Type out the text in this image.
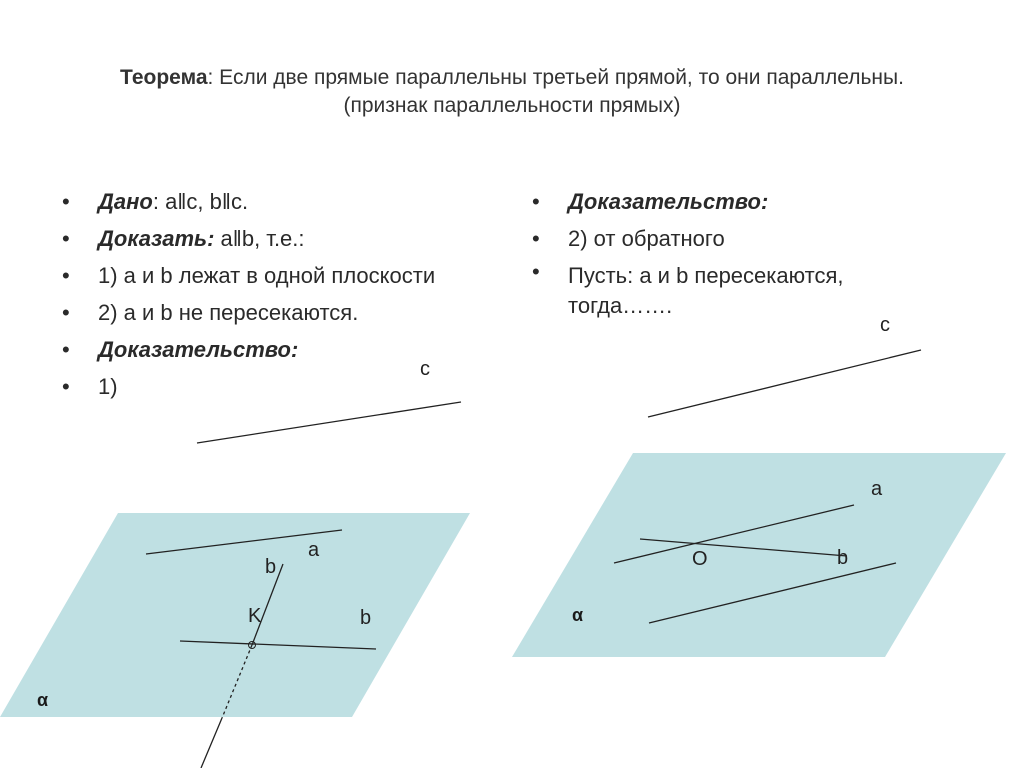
Теорема: Если две прямые параллельны третьей прямой, то они параллельны.
(признак параллельности прямых)
• Дано: a‖c, b‖c.
• Доказать: a‖b, т.е.:
• 1) a и b лежат в одной плоскости
• 2) a и b не пересекаются.
• Доказательство:
• 1)
• Доказательство:
• 2) от обратного
• Пусть: a и b пересекаются, тогда…….
c
a
b
K	b
α
c
a
O	b
α
